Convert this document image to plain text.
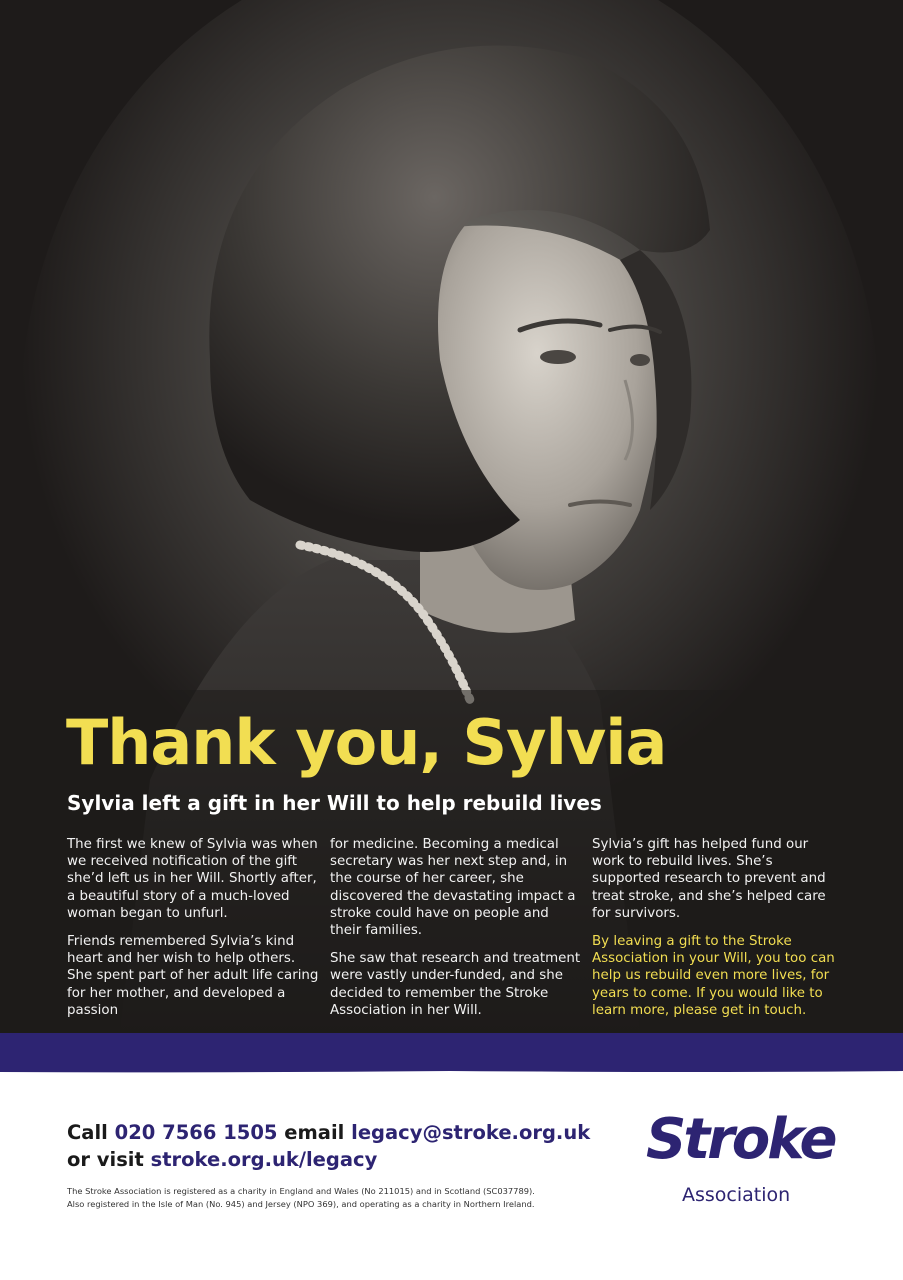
Thank you, Sylvia
Sylvia left a gift in her Will to help rebuild lives

The first we knew of Sylvia was when we received notification of the gift she’d left us in her Will. Shortly after, a beautiful story of a much-loved woman began to unfurl.

Friends remembered Sylvia’s kind heart and her wish to help others. She spent part of her adult life caring for her mother, and developed a passion

for medicine. Becoming a medical secretary was her next step and, in the course of her career, she discovered the devastating impact a stroke could have on people and their families.

She saw that research and treatment were vastly under-funded, and she decided to remember the Stroke Association in her Will.

Sylvia’s gift has helped fund our work to rebuild lives. She’s supported research to prevent and treat stroke, and she’s helped care for survivors.

By leaving a gift to the Stroke Association in your Will, you too can help us rebuild even more lives, for years to come. If you would like to learn more, please get in touch.

Call 020 7566 1505 email legacy@stroke.org.uk
or visit stroke.org.uk/legacy
The Stroke Association is registered as a charity in England and Wales (No 211015) and in Scotland (SC037789).
Also registered in the Isle of Man (No. 945) and Jersey (NPO 369), and operating as a charity in Northern Ireland.
Stroke
Association
